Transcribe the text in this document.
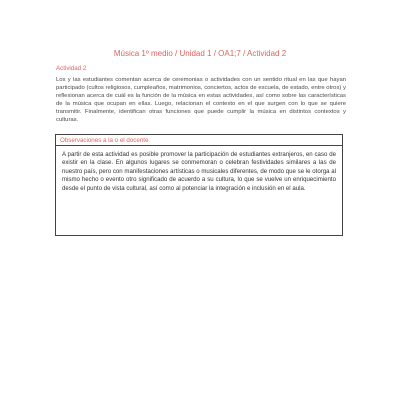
Música 1º medio / Unidad 1 / OA1;7 / Actividad 2
Actividad 2
Los y las estudiantes comentan acerca de ceremonias o actividades con un sentido ritual en las que hayan participado (cultos religiosos, cumpleaños, matrimonios, conciertos, actos de escuela, de estado, entre otros) y reflexionan acerca de cuál es la función de la música en estas actividades, así como sobre las características de la música que ocupan en ellas. Luego, relacionan el contexto en el que surgen con lo que se quiere transmitir. Finalmente, identifican otras funciones que puede cumplir la música en distintos contextos y culturas.
Observaciones a la o el docente
A partir de esta actividad es posible promover la participación de estudiantes extranjeros, en caso de existir en la clase. En algunos lugares se conmemoran o celebran festividades similares a las de nuestro país, pero con manifestaciones artísticas o musicales diferentes, de modo que se le otorga al mismo hecho o evento otro significado de acuerdo a su cultura, lo que se vuelve un enriquecimiento desde el punto de vista cultural, así como al potenciar la integración e inclusión en el aula.
